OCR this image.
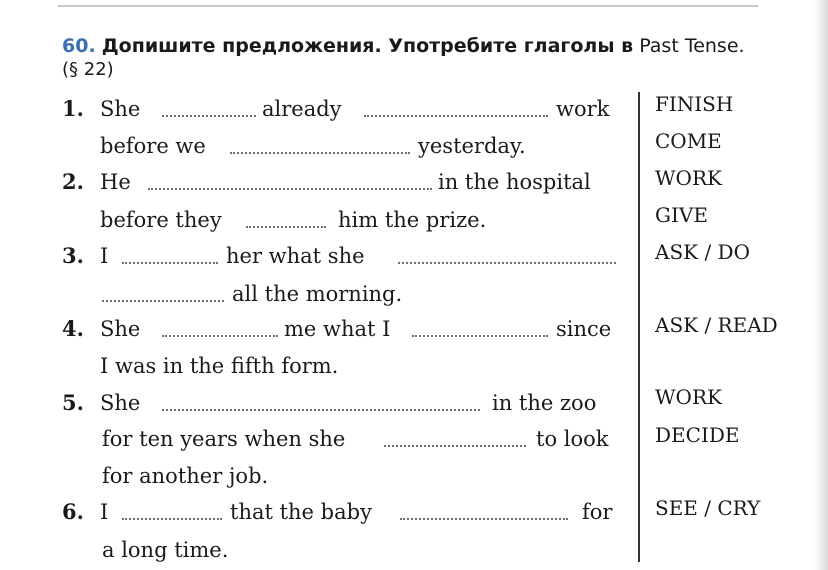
60. Допишите предложения. Употребите глаголы в Past Tense.
(§ 22)
1. She	already	work
before we	yesterday.
2. He	in the hospital
before they	him the prize.
3. I	her what she
all the morning.
4. She	me what I	since
I was in the fifth form.
5. She	in the zoo
for ten years when she	to look
for another job.
6. I	that the baby	for
a long time.
FINISH
COME
WORK
GIVE
ASK / DO
ASK / READ
WORK
DECIDE
SEE / CRY
